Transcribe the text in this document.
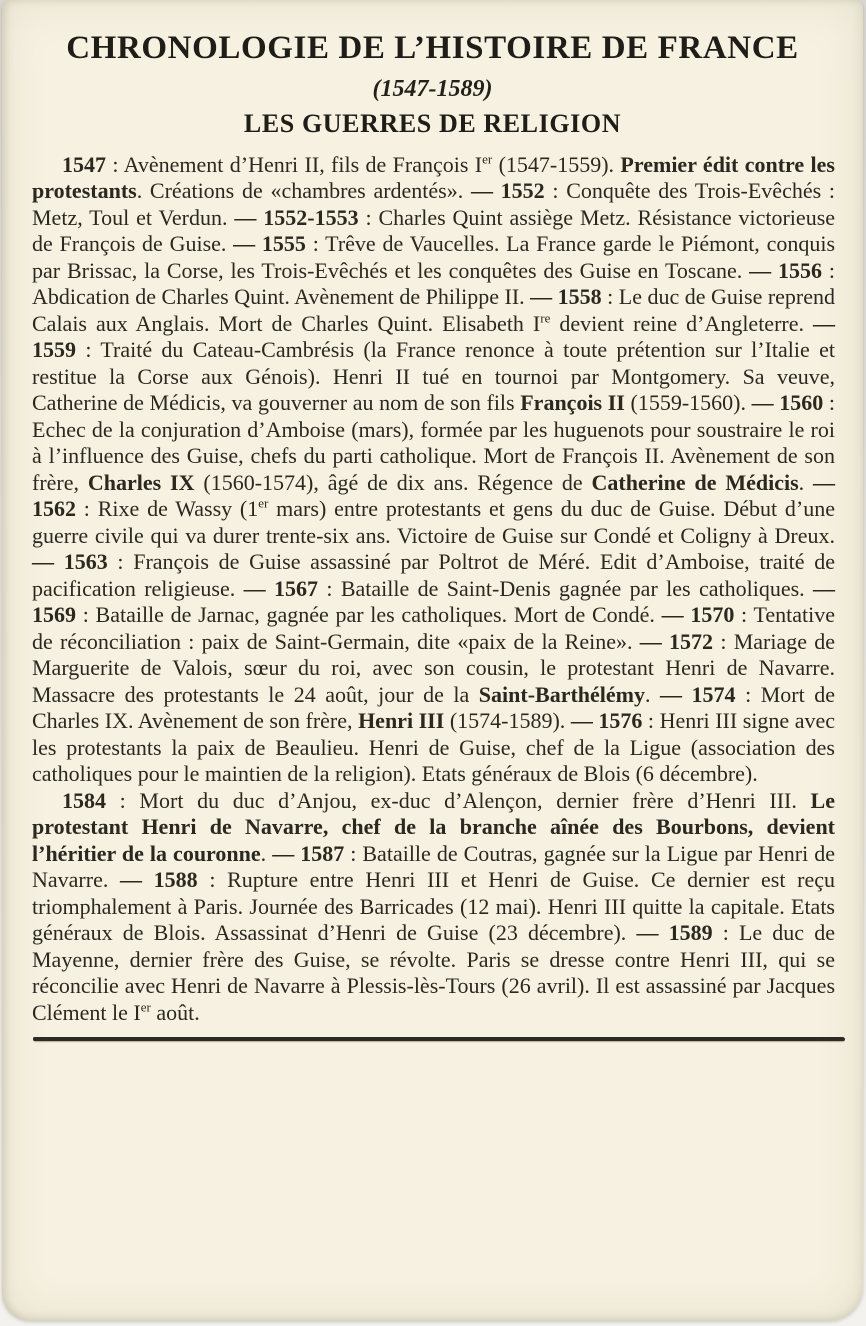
CHRONOLOGIE DE L’HISTOIRE DE FRANCE
(1547-1589)
LES GUERRES DE RELIGION

1547 : Avènement d’Henri II, fils de François Ier (1547-1559). Premier édit contre les protestants. Créations de «chambres ardentés». — 1552 : Conquête des Trois-Evêchés : Metz, Toul et Verdun. — 1552-1553 : Charles Quint assiège Metz. Résistance victorieuse de François de Guise. — 1555 : Trêve de Vaucelles. La France garde le Piémont, conquis par Brissac, la Corse, les Trois-Evêchés et les conquêtes des Guise en Toscane. — 1556 : Abdication de Charles Quint. Avènement de Philippe II. — 1558 : Le duc de Guise reprend Calais aux Anglais. Mort de Charles Quint. Elisabeth Ire devient reine d’Angleterre. — 1559 : Traité du Cateau-Cambrésis (la France renonce à toute prétention sur l’Italie et restitue la Corse aux Génois). Henri II tué en tournoi par Montgomery. Sa veuve, Catherine de Médicis, va gouverner au nom de son fils François II (1559-1560). — 1560 : Echec de la conjuration d’Amboise (mars), formée par les huguenots pour soustraire le roi à l’influence des Guise, chefs du parti catholique. Mort de François II. Avènement de son frère, Charles IX (1560-1574), âgé de dix ans. Régence de Catherine de Médicis. — 1562 : Rixe de Wassy (1er mars) entre protestants et gens du duc de Guise. Début d’une guerre civile qui va durer trente-six ans. Victoire de Guise sur Condé et Coligny à Dreux. — 1563 : François de Guise assassiné par Poltrot de Méré. Edit d’Amboise, traité de pacification religieuse. — 1567 : Bataille de Saint-Denis gagnée par les catholiques. — 1569 : Bataille de Jarnac, gagnée par les catholiques. Mort de Condé. — 1570 : Tentative de réconciliation : paix de Saint-Germain, dite «paix de la Reine». — 1572 : Mariage de Marguerite de Valois, sœur du roi, avec son cousin, le protestant Henri de Navarre. Massacre des protestants le 24 août, jour de la Saint-Barthélémy. — 1574 : Mort de Charles IX. Avènement de son frère, Henri III (1574-1589). — 1576 : Henri III signe avec les protestants la paix de Beaulieu. Henri de Guise, chef de la Ligue (association des catholiques pour le maintien de la religion). Etats généraux de Blois (6 décembre).

1584 : Mort du duc d’Anjou, ex-duc d’Alençon, dernier frère d’Henri III. Le protestant Henri de Navarre, chef de la branche aînée des Bourbons, devient l’héritier de la couronne. — 1587 : Bataille de Coutras, gagnée sur la Ligue par Henri de Navarre. — 1588 : Rupture entre Henri III et Henri de Guise. Ce dernier est reçu triomphalement à Paris. Journée des Barricades (12 mai). Henri III quitte la capitale. Etats généraux de Blois. Assassinat d’Henri de Guise (23 décembre). — 1589 : Le duc de Mayenne, dernier frère des Guise, se révolte. Paris se dresse contre Henri III, qui se réconcilie avec Henri de Navarre à Plessis-lès-Tours (26 avril). Il est assassiné par Jacques Clément le Ier août.
